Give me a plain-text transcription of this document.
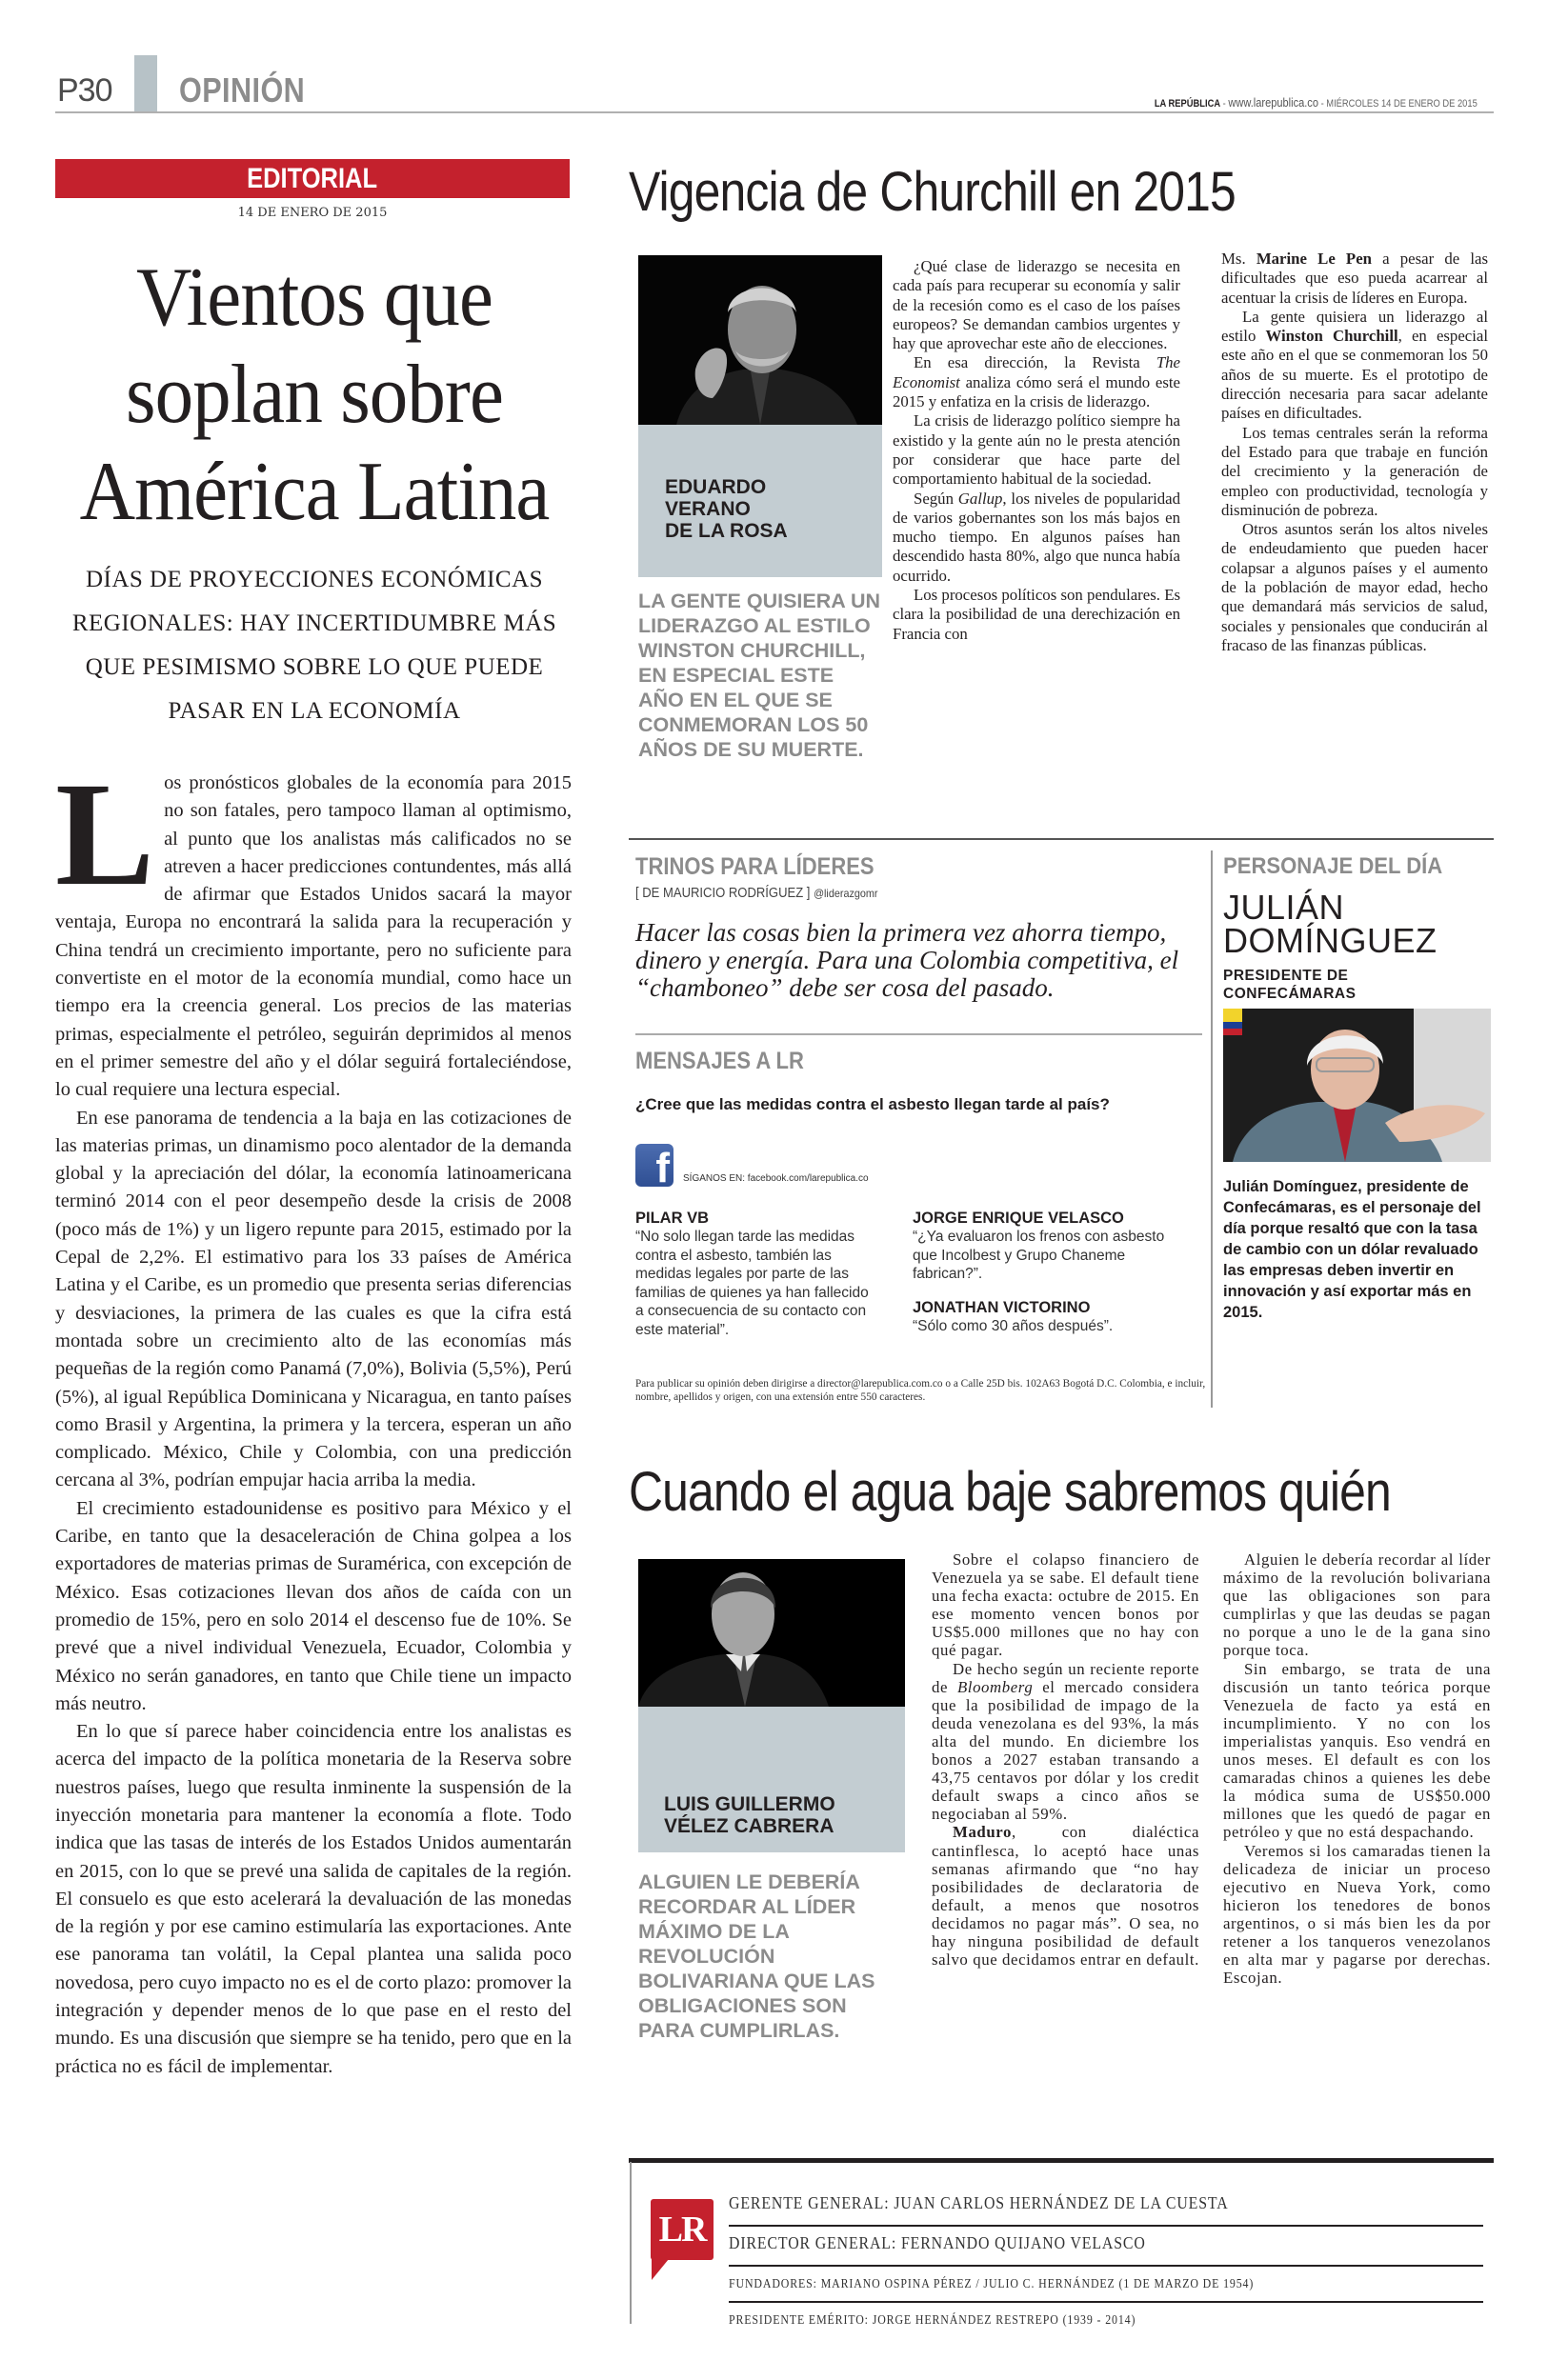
P30 OPINIÓN	LA REPÚBLICA - www.larepublica.co - MIÉRCOLES 14 DE ENERO DE 2015
EDITORIAL
14 DE ENERO DE 2015
Vientos que soplan sobre América Latina
DÍAS DE PROYECCIONES ECONÓMICAS REGIONALES: HAY INCERTIDUMBRE MÁS QUE PESIMISMO SOBRE LO QUE PUEDE PASAR EN LA ECONOMÍA
L os pronósticos globales de la economía para 2015 no son fatales, pero tampoco llaman al optimismo, al punto que los analistas más calificados no se atreven a hacer predicciones contundentes, más allá de afirmar que Estados Unidos sacará la mayor ventaja, Europa no encontrará la salida para la recuperación y China tendrá un crecimiento importante, pero no suficiente para convertiste en el motor de la economía mundial, como hace un tiempo era la creencia general. Los precios de las materias primas, especialmente el petróleo, seguirán deprimidos al menos en el primer semestre del año y el dólar seguirá fortaleciéndose, lo cual requiere una lectura especial.

En ese panorama de tendencia a la baja en las cotizaciones de las materias primas, un dinamismo poco alentador de la demanda global y la apreciación del dólar, la economía latinoamericana terminó 2014 con el peor desempeño desde la crisis de 2008 (poco más de 1%) y un ligero repunte para 2015, estimado por la Cepal de 2,2%. El estimativo para los 33 países de América Latina y el Caribe, es un promedio que presenta serias diferencias y desviaciones, la primera de las cuales es que la cifra está montada sobre un crecimiento alto de las economías más pequeñas de la región como Panamá (7,0%), Bolivia (5,5%), Perú (5%), al igual República Dominicana y Nicaragua, en tanto países como Brasil y Argentina, la primera y la tercera, esperan un año complicado. México, Chile y Colombia, con una predicción cercana al 3%, podrían empujar hacia arriba la media.

El crecimiento estadounidense es positivo para México y el Caribe, en tanto que la desaceleración de China golpea a los exportadores de materias primas de Suramérica, con excepción de México. Esas cotizaciones llevan dos años de caída con un promedio de 15%, pero en solo 2014 el descenso fue de 10%. Se prevé que a nivel individual Venezuela, Ecuador, Colombia y México no serán ganadores, en tanto que Chile tiene un impacto más neutro.

En lo que sí parece haber coincidencia entre los analistas es acerca del impacto de la política monetaria de la Reserva sobre nuestros países, luego que resulta inminente la suspensión de la inyección monetaria para mantener la economía a flote. Todo indica que las tasas de interés de los Estados Unidos aumentarán en 2015, con lo que se prevé una salida de capitales de la región. El consuelo es que esto acelerará la devaluación de las monedas de la región y por ese camino estimularía las exportaciones. Ante ese panorama tan volátil, la Cepal plantea una salida poco novedosa, pero cuyo impacto no es el de corto plazo: promover la integración y depender menos de lo que pase en el resto del mundo. Es una discusión que siempre se ha tenido, pero que en la práctica no es fácil de implementar.

Vigencia de Churchill en 2015
EDUARDO
VERANO
DE LA ROSA
LA GENTE QUISIERA UN LIDERAZGO AL ESTILO WINSTON CHURCHILL, EN ESPECIAL ESTE AÑO EN EL QUE SE CONMEMORAN LOS 50 AÑOS DE SU MUERTE.

¿Qué clase de liderazgo se necesita en cada país para recuperar su economía y salir de la recesión como es el caso de los países europeos? Se demandan cambios urgentes y hay que aprovechar este año de elecciones.

En esa dirección, la Revista The Economist analiza cómo será el mundo este 2015 y enfatiza en la crisis de liderazgo.

La crisis de liderazgo político siempre ha existido y la gente aún no le presta atención por considerar que hace parte del comportamiento habitual de la sociedad.

Según Gallup, los niveles de popularidad de varios gobernantes son los más bajos en mucho tiempo. En algunos países han descendido hasta 80%, algo que nunca había ocurrido.

Los procesos políticos son pendulares. Es clara la posibilidad de una derechización en Francia con

Ms. Marine Le Pen a pesar de las dificultades que eso pueda acarrear al acentuar la crisis de líderes en Europa.

La gente quisiera un liderazgo al estilo Winston Churchill, en especial este año en el que se conmemoran los 50 años de su muerte. Es el prototipo de dirección necesaria para sacar adelante países en dificultades.

Los temas centrales serán la reforma del Estado para que trabaje en función del crecimiento y la generación de empleo con productividad, tecnología y disminución de pobreza.

Otros asuntos serán los altos niveles de endeudamiento que pueden hacer colapsar a algunos países y el aumento de la población de mayor edad, hecho que demandará más servicios de salud, sociales y pensionales que conducirán al fracaso de las finanzas públicas.

TRINOS PARA LÍDERES
[ DE MAURICIO RODRÍGUEZ ] @liderazgomr
Hacer las cosas bien la primera vez ahorra tiempo, dinero y energía. Para una Colombia competitiva, el “chamboneo” debe ser cosa del pasado.
MENSAJES A LR
¿Cree que las medidas contra el asbesto llegan tarde al país?
f	SÍGANOS EN: facebook.com/larepublica.co
PILAR VB
“No solo llegan tarde las medidas contra el asbesto, también las medidas legales por parte de las familias de quienes ya han fallecido a consecuencia de su contacto con este material”.
JORGE ENRIQUE VELASCO
“¿Ya evaluaron los frenos con asbesto que Incolbest y Grupo Chaneme fabrican?”.
JONATHAN VICTORINO
“Sólo como 30 años después”.
Para publicar su opinión deben dirigirse a director@larepublica.com.co o a Calle 25D bis. 102A63 Bogotá D.C. Colombia, e incluir, nombre, apellidos y origen, con una extensión entre 550 caracteres.
PERSONAJE DEL DÍA
JULIÁN
DOMÍNGUEZ
PRESIDENTE DE
CONFECÁMARAS
Julián Domínguez, presidente de Confecámaras, es el personaje del día porque resaltó que con la tasa de cambio con un dólar revaluado las empresas deben invertir en innovación y así exportar más en 2015.
Cuando el agua baje sabremos quién
LUIS GUILLERMO
VÉLEZ CABRERA
ALGUIEN LE DEBERÍA RECORDAR AL LÍDER MÁXIMO DE LA REVOLUCIÓN BOLIVARIANA QUE LAS OBLIGACIONES SON PARA CUMPLIRLAS.

Sobre el colapso financiero de Venezuela ya se sabe. El default tiene una fecha exacta: octubre de 2015. En ese momento vencen bonos por US$5.000 millones que no hay con qué pagar.

De hecho según un reciente reporte de Bloomberg el mercado considera que la posibilidad de impago de la deuda venezolana es del 93%, la más alta del mundo. En diciembre los bonos a 2027 estaban transando a 43,75 centavos por dólar y los credit default swaps a cinco años se negociaban al 59%.

Maduro, con dialéctica cantinflesca, lo aceptó hace unas semanas afirmando que “no hay posibilidades de declaratoria de default, a menos que nosotros decidamos no pagar más”. O sea, no hay ninguna posibilidad de default salvo que decidamos entrar en default.

Alguien le debería recordar al líder máximo de la revolución bolivariana que las obligaciones son para cumplirlas y que las deudas se pagan no porque a uno le de la gana sino porque toca.

Sin embargo, se trata de una discusión un tanto teórica porque Venezuela de facto ya está en incumplimiento. Y no con los imperialistas yanquis. Eso vendrá en unos meses. El default es con los camaradas chinos a quienes les debe la módica suma de US$50.000 millones que les quedó de pagar en petróleo y que no está despachando.

Veremos si los camaradas tienen la delicadeza de iniciar un proceso ejecutivo en Nueva York, como hicieron los tenedores de bonos argentinos, o si más bien les da por retener a los tanqueros venezolanos en alta mar y pagarse por derechas. Escojan.

LR
GERENTE GENERAL: JUAN CARLOS HERNÁNDEZ DE LA CUESTA
DIRECTOR GENERAL: FERNANDO QUIJANO VELASCO
FUNDADORES: MARIANO OSPINA PÉREZ / JULIO C. HERNÁNDEZ (1 DE MARZO DE 1954)
PRESIDENTE EMÉRITO: JORGE HERNÁNDEZ RESTREPO (1939 - 2014)
